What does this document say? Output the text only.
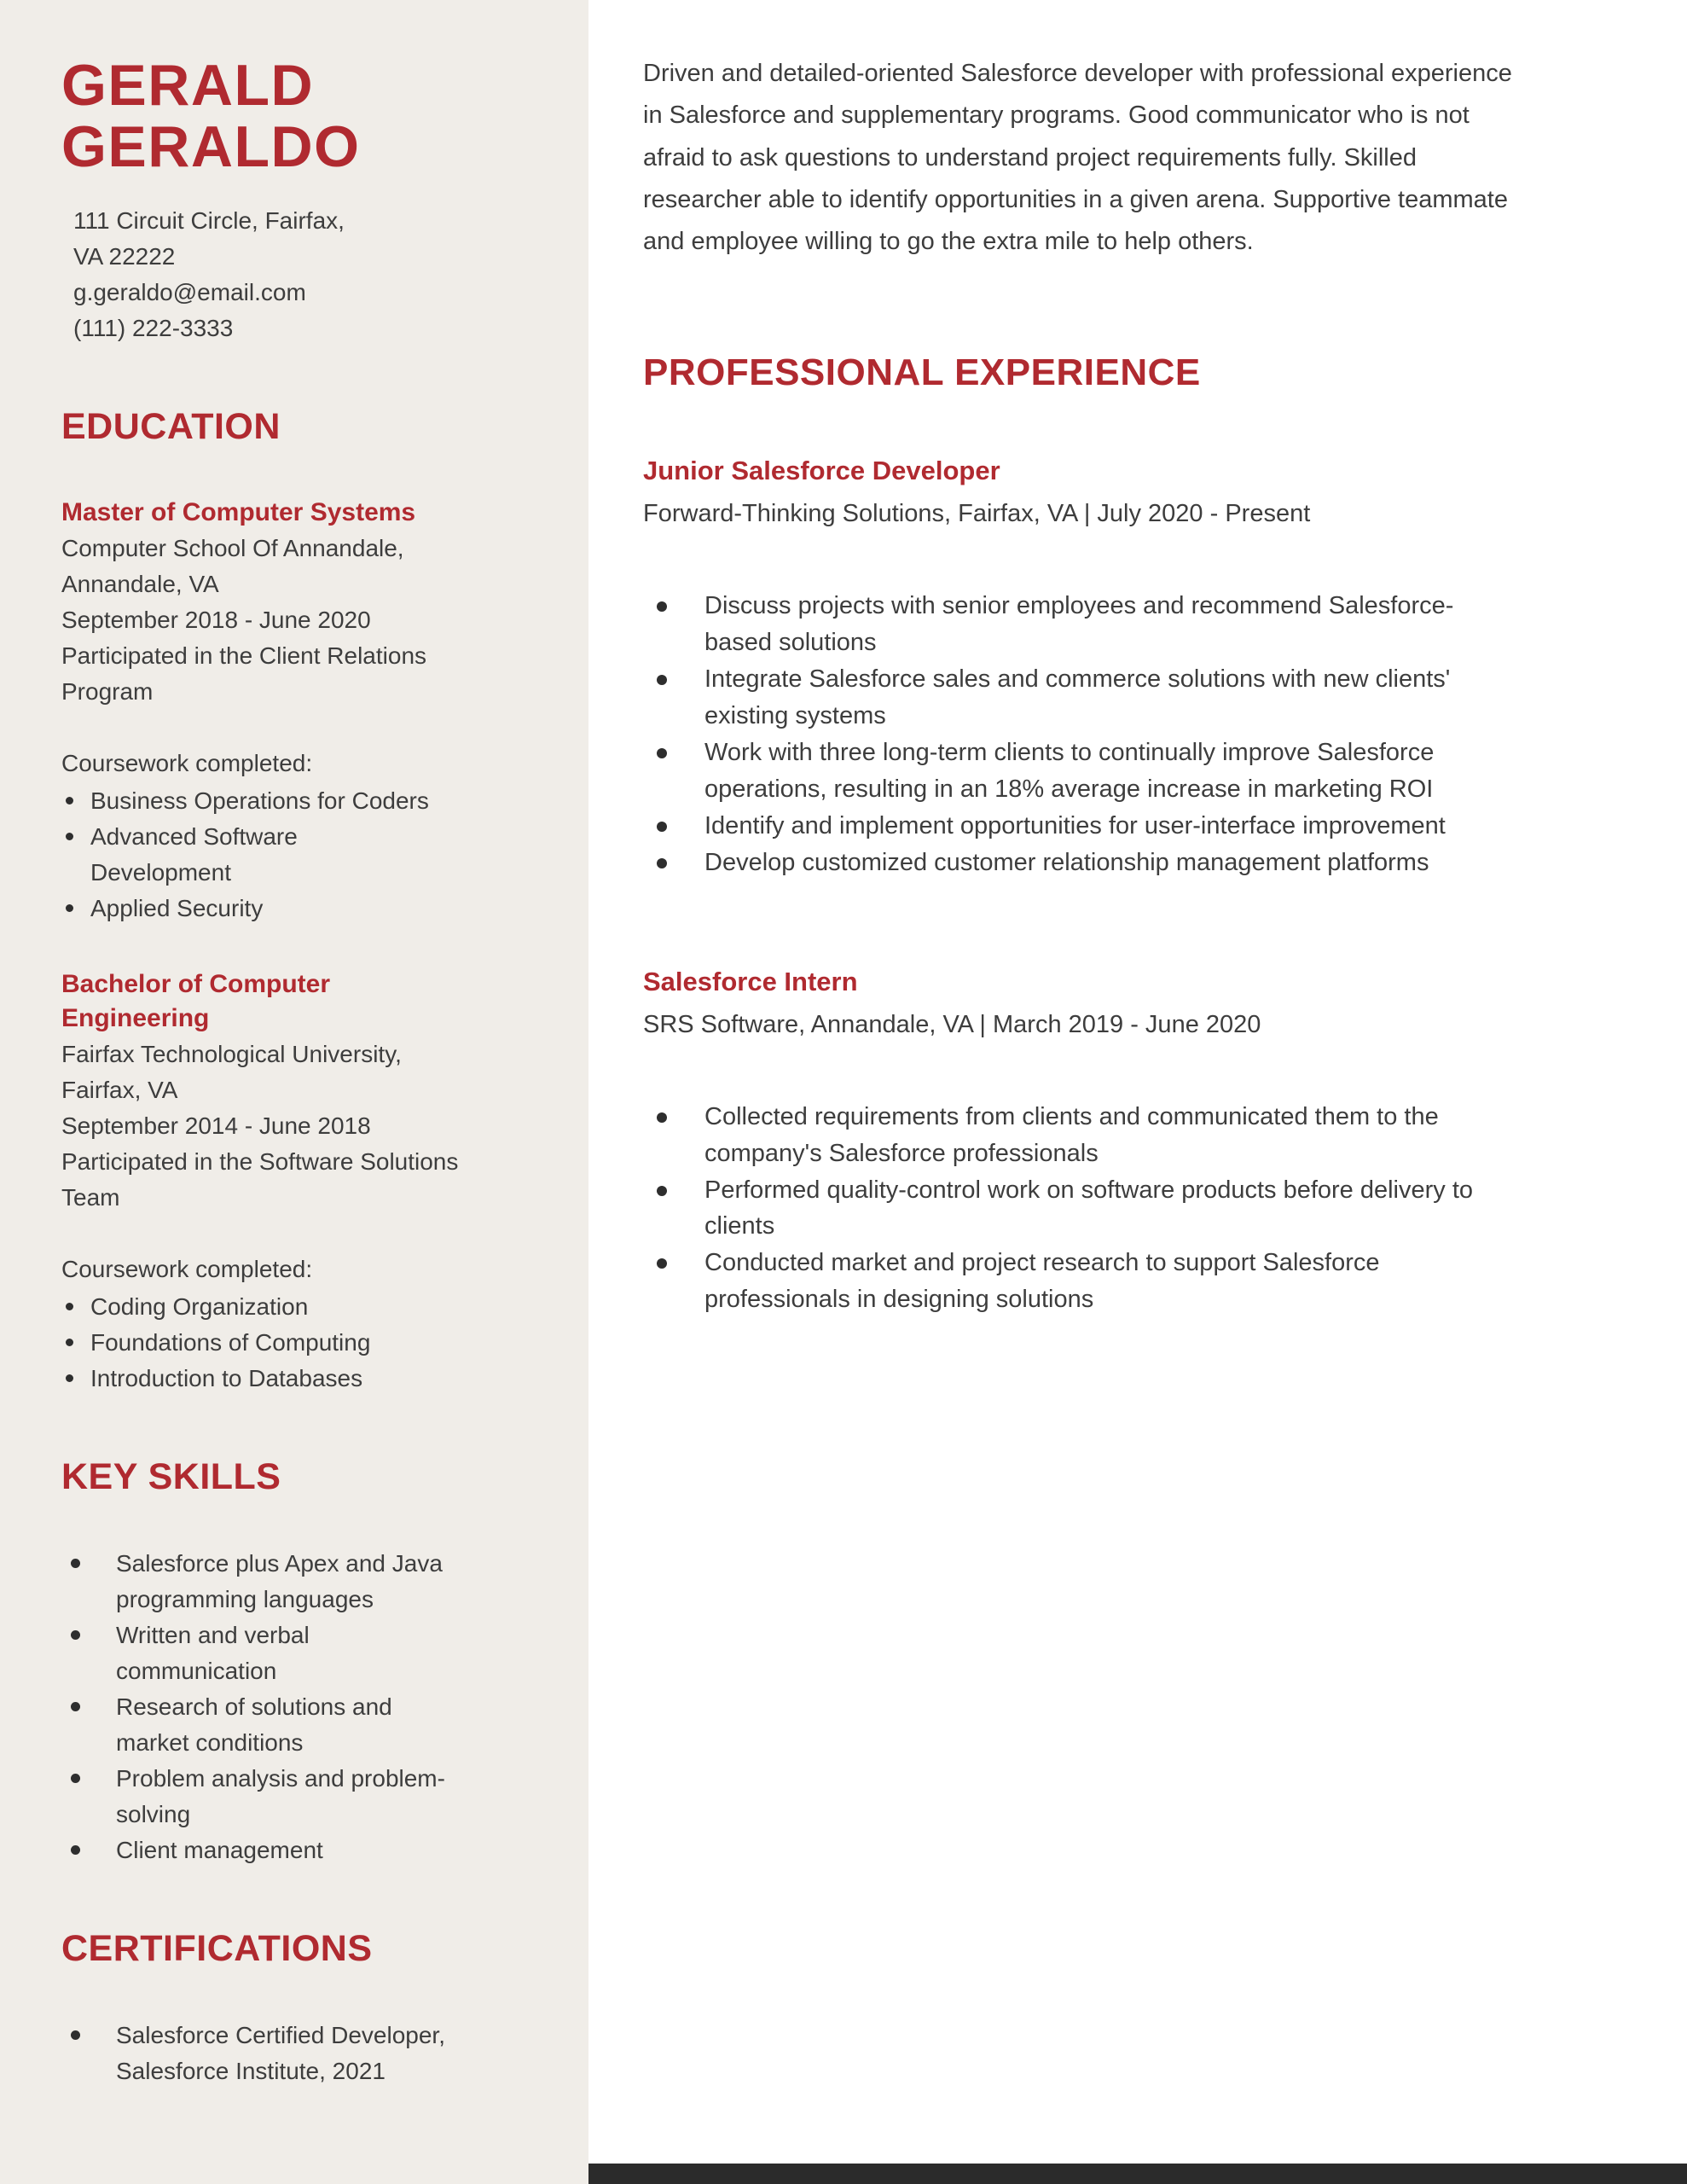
GERALD
GERALDO
111 Circuit Circle, Fairfax,
VA 22222
g.geraldo@email.com
(111) 222-3333
EDUCATION
Master of Computer Systems

Computer School Of Annandale, Annandale, VA

September 2018 - June 2020

Participated in the Client Relations Program

Coursework completed:

Business Operations for Coders
Advanced Software Development
Applied Security
Bachelor of Computer Engineering

Fairfax Technological University, Fairfax, VA

September 2014 - June 2018

Participated in the Software Solutions Team

Coursework completed:

Coding Organization
Foundations of Computing
Introduction to Databases
KEY SKILLS
Salesforce plus Apex and Java programming languages
Written and verbal communication
Research of solutions and market conditions
Problem analysis and problem-solving
Client management
CERTIFICATIONS
Salesforce Certified Developer, Salesforce Institute, 2021

Driven and detailed-oriented Salesforce developer with professional experience in Salesforce and supplementary programs. Good communicator who is not afraid to ask questions to understand project requirements fully. Skilled researcher able to identify opportunities in a given arena. Supportive teammate and employee willing to go the extra mile to help others.

PROFESSIONAL EXPERIENCE
Junior Salesforce Developer

Forward-Thinking Solutions, Fairfax, VA | July 2020 - Present

Discuss projects with senior employees and recommend Salesforce-based solutions
Integrate Salesforce sales and commerce solutions with new clients' existing systems
Work with three long-term clients to continually improve Salesforce operations, resulting in an 18% average increase in marketing ROI
Identify and implement opportunities for user-interface improvement
Develop customized customer relationship management platforms
Salesforce Intern

SRS Software, Annandale, VA | March 2019 - June 2020

Collected requirements from clients and communicated them to the company's Salesforce professionals
Performed quality-control work on software products before delivery to clients
Conducted market and project research to support Salesforce professionals in designing solutions
